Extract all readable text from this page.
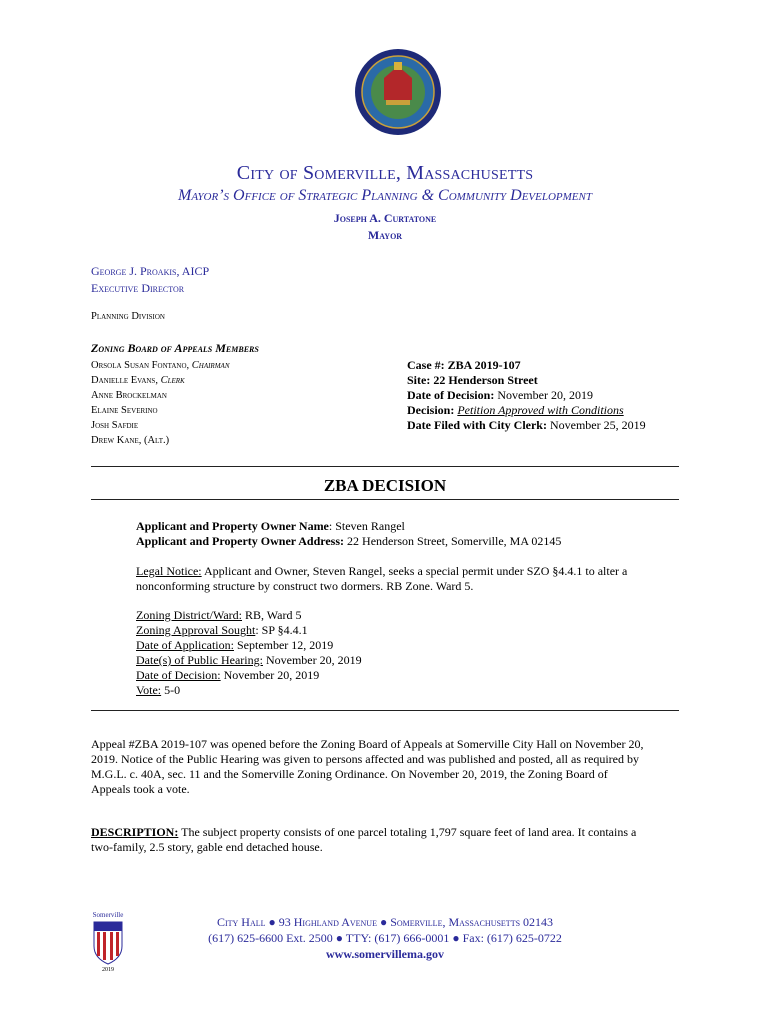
City of Somerville, Massachusetts
Mayor’s Office of Strategic Planning & Community Development
Joseph A. Curtatone
Mayor
George J. Proakis, AICP
Executive Director
Planning Division
Zoning Board of Appeals Members
Orsola Susan Fontano, Chairman
Danielle Evans, Clerk
Anne Brockelman
Elaine Severino
Josh Safdie
Drew Kane, (Alt.)
Case #: ZBA 2019-107
Site: 22 Henderson Street
Date of Decision: November 20, 2019
Decision: Petition Approved with Conditions
Date Filed with City Clerk: November 25, 2019
ZBA DECISION
Applicant and Property Owner Name: Steven Rangel
Applicant and Property Owner Address: 22 Henderson Street, Somerville, MA 02145
Legal Notice: Applicant and Owner, Steven Rangel, seeks a special permit under SZO §4.4.1 to alter a
nonconforming structure by construct two dormers. RB Zone. Ward 5.
Zoning District/Ward: RB, Ward 5
Zoning Approval Sought: SP §4.4.1
Date of Application: September 12, 2019
Date(s) of Public Hearing: November 20, 2019
Date of Decision: November 20, 2019
Vote: 5-0
Appeal #ZBA 2019-107 was opened before the Zoning Board of Appeals at Somerville City Hall on November 20,
2019. Notice of the Public Hearing was given to persons affected and was published and posted, all as required by
M.G.L. c. 40A, sec. 11 and the Somerville Zoning Ordinance. On November 20, 2019, the Zoning Board of
Appeals took a vote.
DESCRIPTION: The subject property consists of one parcel totaling 1,797 square feet of land area. It contains a
two-family, 2.5 story, gable end detached house.
Somerville
2019
City Hall ● 93 Highland Avenue ● Somerville, Massachusetts 02143
(617) 625-6600 Ext. 2500 ● TTY: (617) 666-0001 ● Fax: (617) 625-0722
www.somervillema.gov
